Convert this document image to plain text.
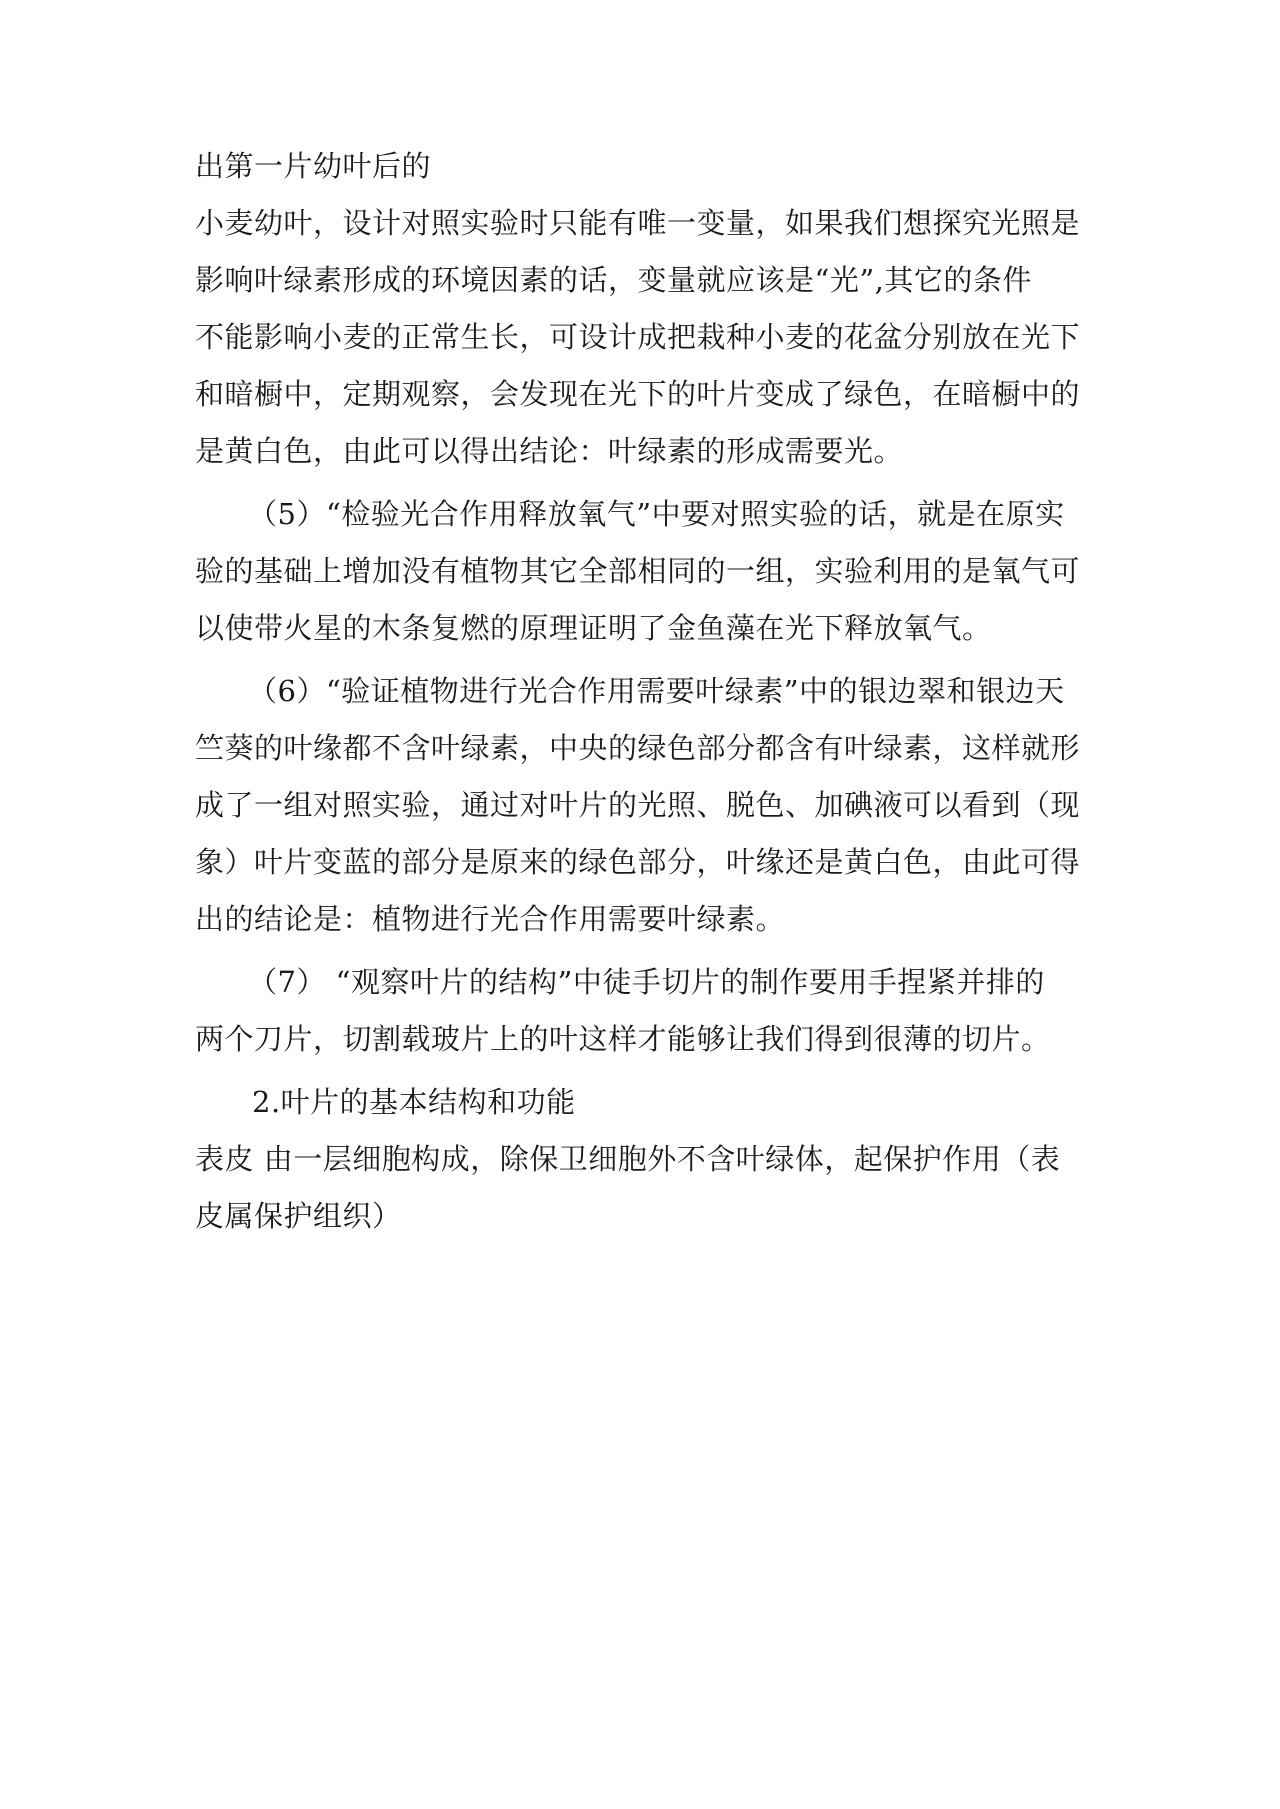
出第一片幼叶后的
小麦幼叶，设计对照实验时只能有唯一变量，如果我们想探究光照是
影响叶绿素形成的环境因素的话，变量就应该是“光”,其它的条件
不能影响小麦的正常生长，可设计成把栽种小麦的花盆分别放在光下
和暗橱中，定期观察，会发现在光下的叶片变成了绿色，在暗橱中的
是黄白色，由此可以得出结论：叶绿素的形成需要光。
（5）“检验光合作用释放氧气”中要对照实验的话，就是在原实
验的基础上增加没有植物其它全部相同的一组，实验利用的是氧气可
以使带火星的木条复燃的原理证明了金鱼藻在光下释放氧气。
（6）“验证植物进行光合作用需要叶绿素”中的银边翠和银边天
竺葵的叶缘都不含叶绿素，中央的绿色部分都含有叶绿素，这样就形
成了一组对照实验，通过对叶片的光照、脱色、加碘液可以看到（现
象）叶片变蓝的部分是原来的绿色部分，叶缘还是黄白色，由此可得
出的结论是：植物进行光合作用需要叶绿素。
（7） “观察叶片的结构”中徒手切片的制作要用手捏紧并排的
两个刀片，切割载玻片上的叶这样才能够让我们得到很薄的切片。
2.叶片的基本结构和功能
表皮 由一层细胞构成，除保卫细胞外不含叶绿体，起保护作用（表
皮属保护组织）
